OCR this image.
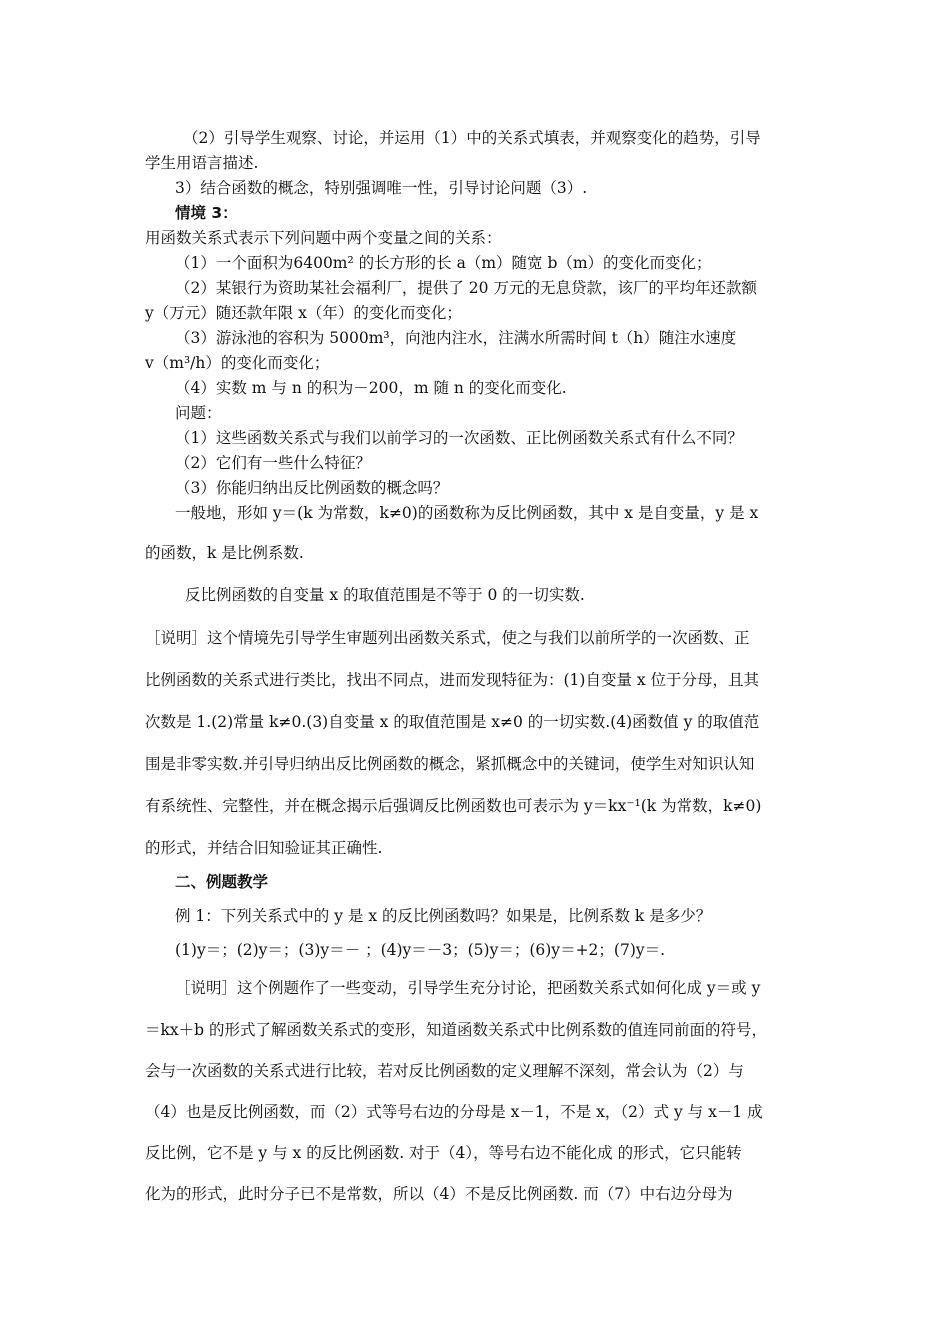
（2）引导学生观察、讨论，并运用（1）中的关系式填表，并观察变化的趋势，引导
学生用语言描述.
3）结合函数的概念，特别强调唯一性，引导讨论问题（3）.
情境 3：
用函数关系式表示下列问题中两个变量之间的关系：
（1）一个面积为6400m² 的长方形的长 a（m）随宽 b（m）的变化而变化；
（2）某银行为资助某社会福利厂，提供了 20 万元的无息贷款，该厂的平均年还款额
y（万元）随还款年限 x（年）的变化而变化；
（3）游泳池的容积为 5000m³，向池内注水，注满水所需时间 t（h）随注水速度
v（m³/h）的变化而变化；
（4）实数 m 与 n 的积为－200，m 随 n 的变化而变化.
问题：
（1）这些函数关系式与我们以前学习的一次函数、正比例函数关系式有什么不同？
（2）它们有一些什么特征？
（3）你能归纳出反比例函数的概念吗？
一般地，形如 y＝(k 为常数，k≠0)的函数称为反比例函数，其中 x 是自变量，y 是 x
的函数，k 是比例系数.
反比例函数的自变量 x 的取值范围是不等于 0 的一切实数.
［说明］这个情境先引导学生审题列出函数关系式，使之与我们以前所学的一次函数、正
比例函数的关系式进行类比，找出不同点，进而发现特征为：(1)自变量 x 位于分母，且其
次数是 1.(2)常量 k≠0.(3)自变量 x 的取值范围是 x≠0 的一切实数.(4)函数值 y 的取值范
围是非零实数.并引导归纳出反比例函数的概念，紧抓概念中的关键词，使学生对知识认知
有系统性、完整性，并在概念揭示后强调反比例函数也可表示为 y＝kx⁻¹(k 为常数，k≠0)
的形式，并结合旧知验证其正确性.
二、例题教学
例 1：下列关系式中的 y 是 x 的反比例函数吗？如果是，比例系数 k 是多少？
(1)y＝；(2)y＝；(3)y＝－ ；(4)y＝－3；(5)y＝；(6)y＝+2；(7)y＝.
［说明］这个例题作了一些变动，引导学生充分讨论，把函数关系式如何化成 y＝或 y
＝kx＋b 的形式了解函数关系式的变形，知道函数关系式中比例系数的值连同前面的符号，
会与一次函数的关系式进行比较，若对反比例函数的定义理解不深刻，常会认为（2）与
（4）也是反比例函数，而（2）式等号右边的分母是 x－1，不是 x，（2）式 y 与 x－1 成
反比例，它不是 y 与 x 的反比例函数. 对于（4），等号右边不能化成 的形式，它只能转
化为的形式，此时分子已不是常数，所以（4）不是反比例函数. 而（7）中右边分母为
